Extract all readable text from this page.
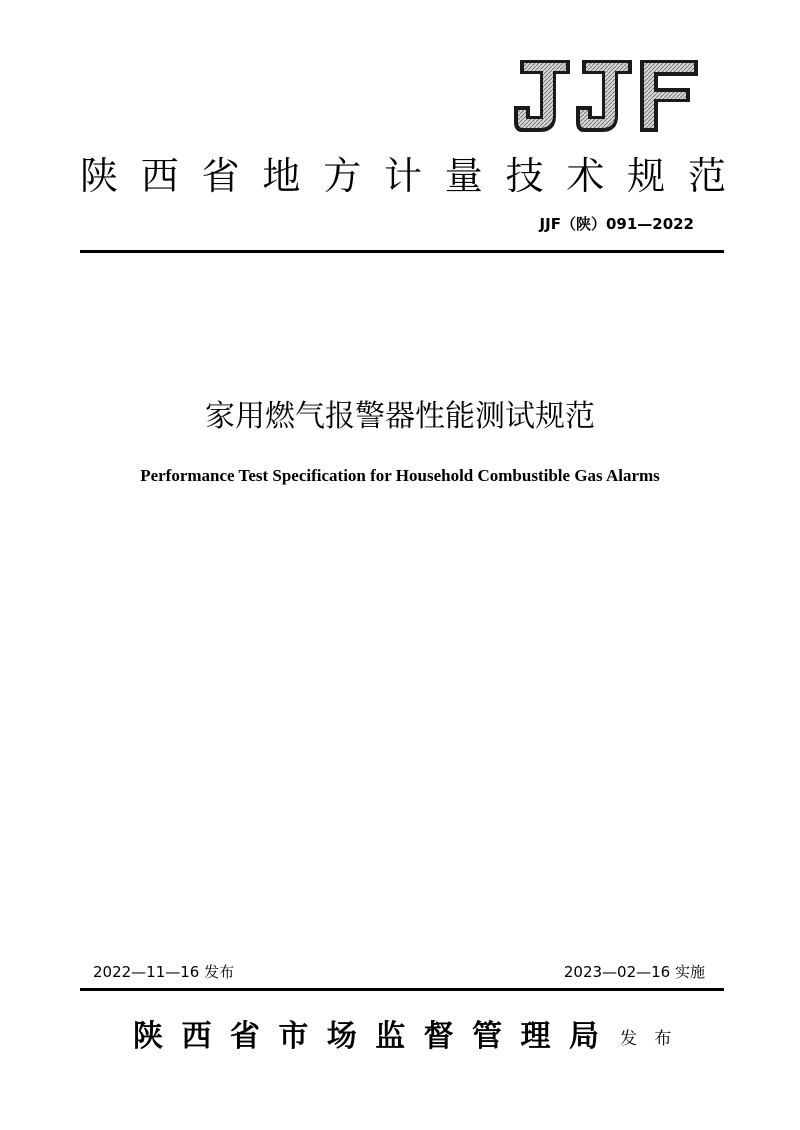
陕 西 省 地 方 计 量 技 术 规 范
JJF（陕）091—2022
家用燃气报警器性能测试规范
Performance Test Specification for Household Combustible Gas Alarms
2022—11—16 发布	2023—02—16 实施
陕 西 省 市 场 监 督 管 理 局 发 布
